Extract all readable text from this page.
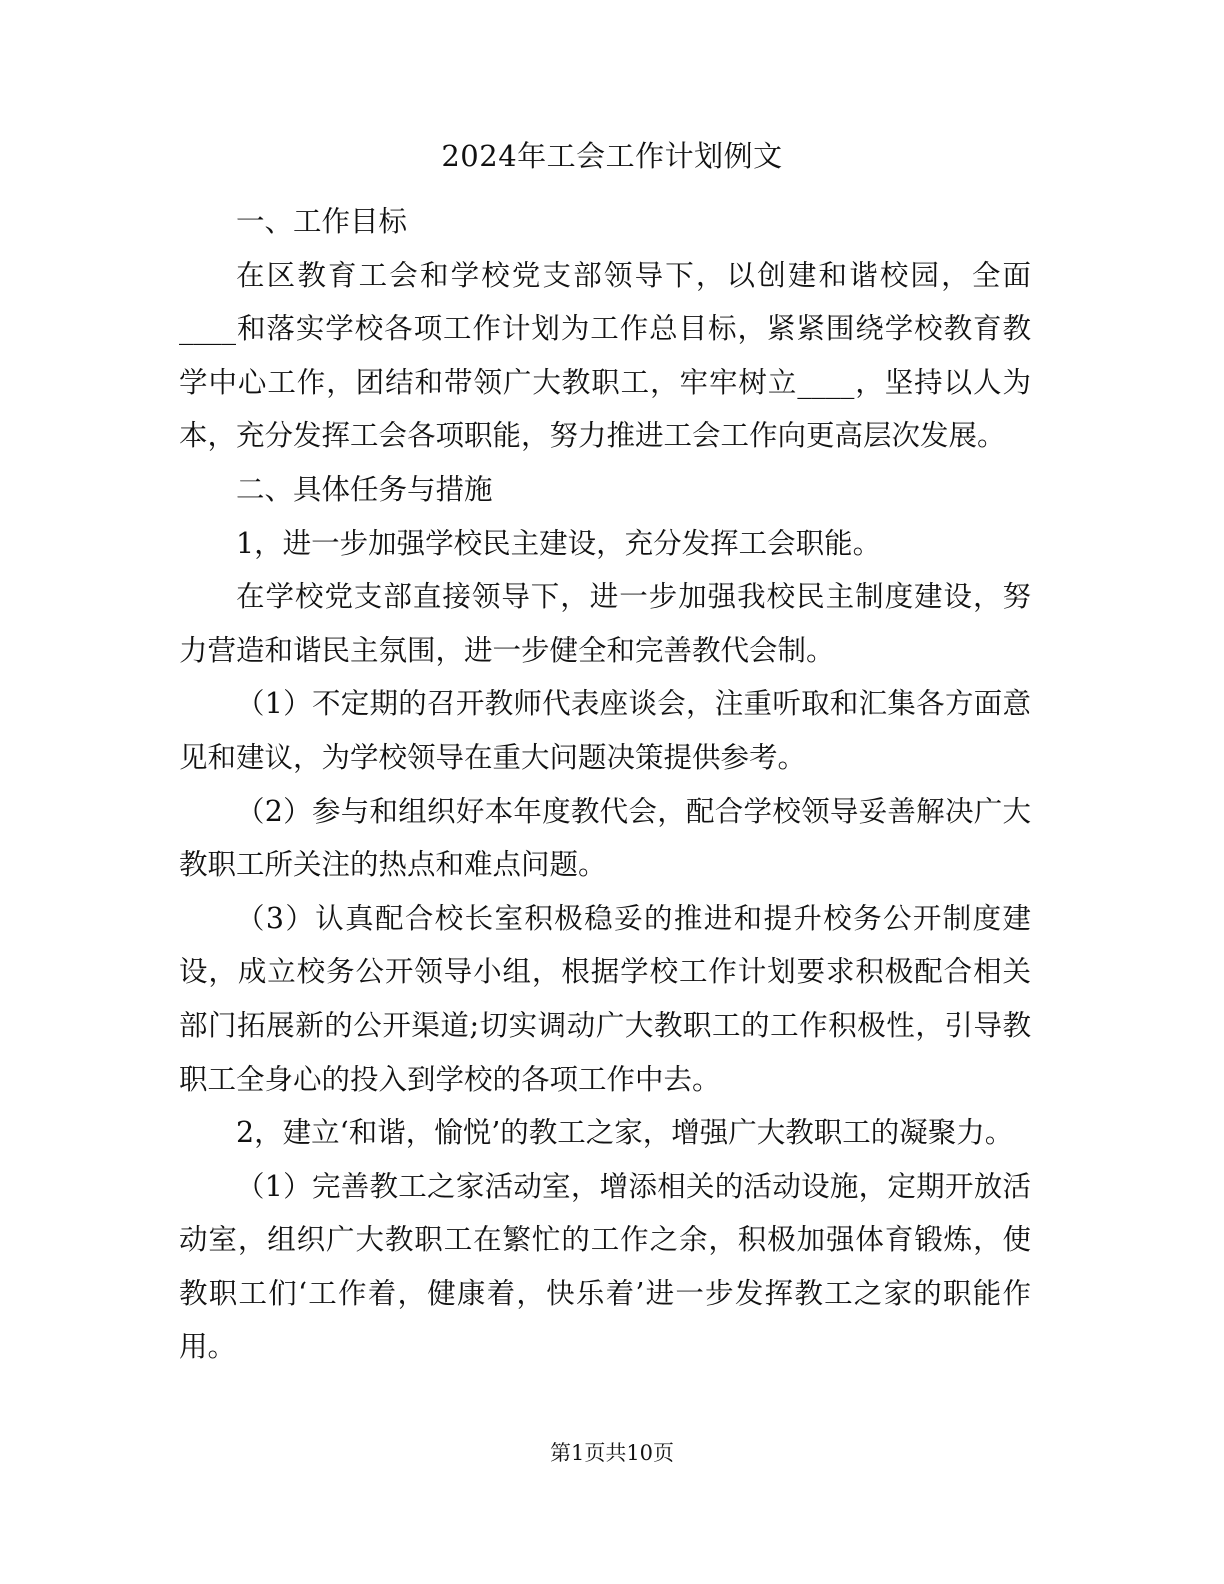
2024年工会工作计划例文

一、工作目标

在区教育工会和学校党支部领导下，以创建和谐校园，全面____和落实学校各项工作计划为工作总目标，紧紧围绕学校教育教学中心工作，团结和带领广大教职工，牢牢树立____，坚持以人为本，充分发挥工会各项职能，努力推进工会工作向更高层次发展。

二、具体任务与措施

1，进一步加强学校民主建设，充分发挥工会职能。

在学校党支部直接领导下，进一步加强我校民主制度建设，努力营造和谐民主氛围，进一步健全和完善教代会制。

（1）不定期的召开教师代表座谈会，注重听取和汇集各方面意见和建议，为学校领导在重大问题决策提供参考。

（2）参与和组织好本年度教代会，配合学校领导妥善解决广大教职工所关注的热点和难点问题。

（3）认真配合校长室积极稳妥的推进和提升校务公开制度建设，成立校务公开领导小组，根据学校工作计划要求积极配合相关部门拓展新的公开渠道;切实调动广大教职工的工作积极性，引导教职工全身心的投入到学校的各项工作中去。

2，建立‘和谐，愉悦’的教工之家，增强广大教职工的凝聚力。

（1）完善教工之家活动室，增添相关的活动设施，定期开放活动室，组织广大教职工在繁忙的工作之余，积极加强体育锻炼，使教职工们‘工作着，健康着，快乐着’进一步发挥教工之家的职能作用。

第1页共10页
